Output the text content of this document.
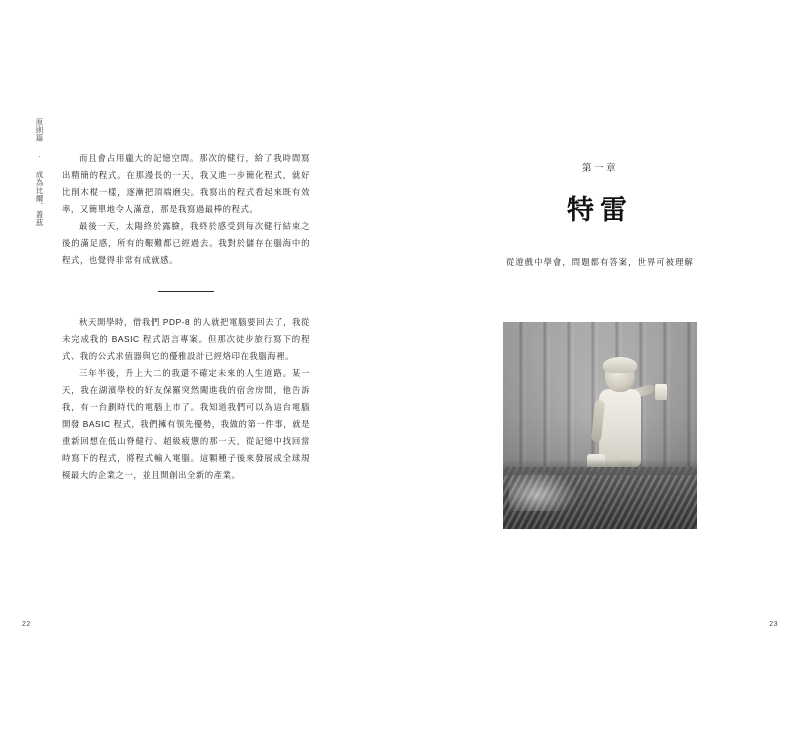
原則篇 · 成為比爾．蓋茲	而且會占用龐大的記憶空間。那次的健行，給了我時間寫出精簡的程式。在那漫長的一天，我又進一步簡化程式，就好比削木棍一樣，逐漸把頂端磨尖。我寫出的程式看起來既有效率，又簡單地令人滿意，那是我寫過最棒的程式。

最後一天，太陽終於露臉，我終於感受到每次健行結束之後的滿足感，所有的艱難都已經過去。我對於儲存在腦海中的程式，也覺得非常有成就感。

秋天開學時，借我們 PDP-8 的人就把電腦要回去了，我從未完成我的 BASIC 程式語言專案。但那次徒步旅行寫下的程式、我的公式求值器與它的優雅設計已經烙印在我腦海裡。

三年半後，升上大二的我還不確定未來的人生道路。某一天，我在湖濱學校的好友保羅突然闖進我的宿舍房間，他告訴我，有一台劃時代的電腦上市了。我知道我們可以為這台電腦開發 BASIC 程式，我們擁有領先優勢，我做的第一件事，就是重新回想在低山脊健行、超級疲憊的那一天，從記憶中找回當時寫下的程式，將程式輸入電腦。這顆種子後來發展成全球規模最大的企業之一，並且開創出全新的產業。

22
第一章
特雷
從遊戲中學會，問題都有答案，世界可被理解
23
